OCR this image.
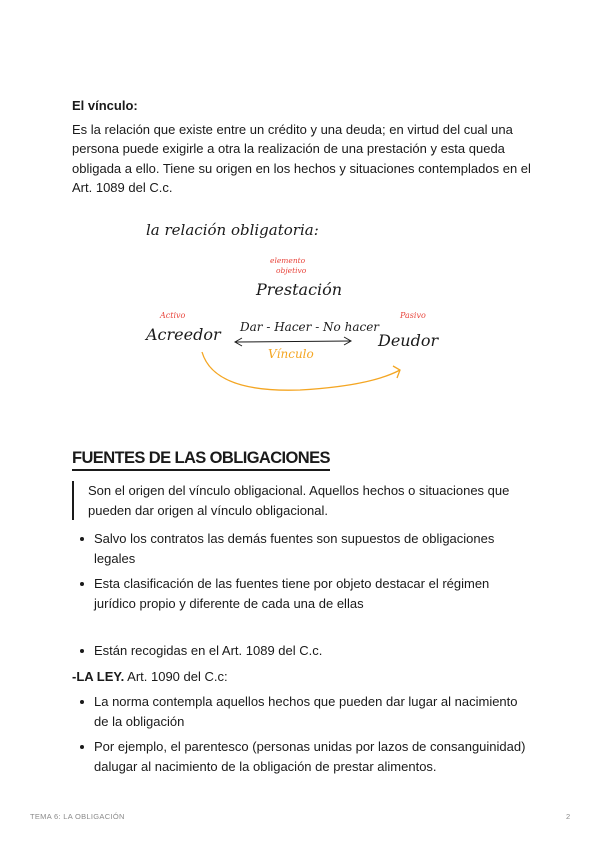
El vínculo:
Es la relación que existe entre un crédito y una deuda; en virtud del cual una
persona puede exigirle a otra la realización de una prestación y esta queda
obligada a ello. Tiene su origen en los hechos y situaciones contemplados en el
Art. 1089 del C.c.
la relación obligatoria:
elemento
objetivo
Prestación
Activo
Acreedor Dar - Hacer - No hacer
Vínculo
Pasivo
Deudor
FUENTES DE LAS OBLIGACIONES
Son el origen del vínculo obligacional. Aquellos hechos o situaciones que
pueden dar origen al vínculo obligacional.
Salvo los contratos las demás fuentes son supuestos de obligaciones
legales
Esta clasificación de las fuentes tiene por objeto destacar el régimen
jurídico propio y diferente de cada una de ellas
Están recogidas en el Art. 1089 del C.c.
-LA LEY. Art. 1090 del C.c:
La norma contempla aquellos hechos que pueden dar lugar al nacimiento
de la obligación
Por ejemplo, el parentesco (personas unidas por lazos de consanguinidad)
dalugar al nacimiento de la obligación de prestar alimentos.
TEMA 6: LA OBLIGACIÓN	2
